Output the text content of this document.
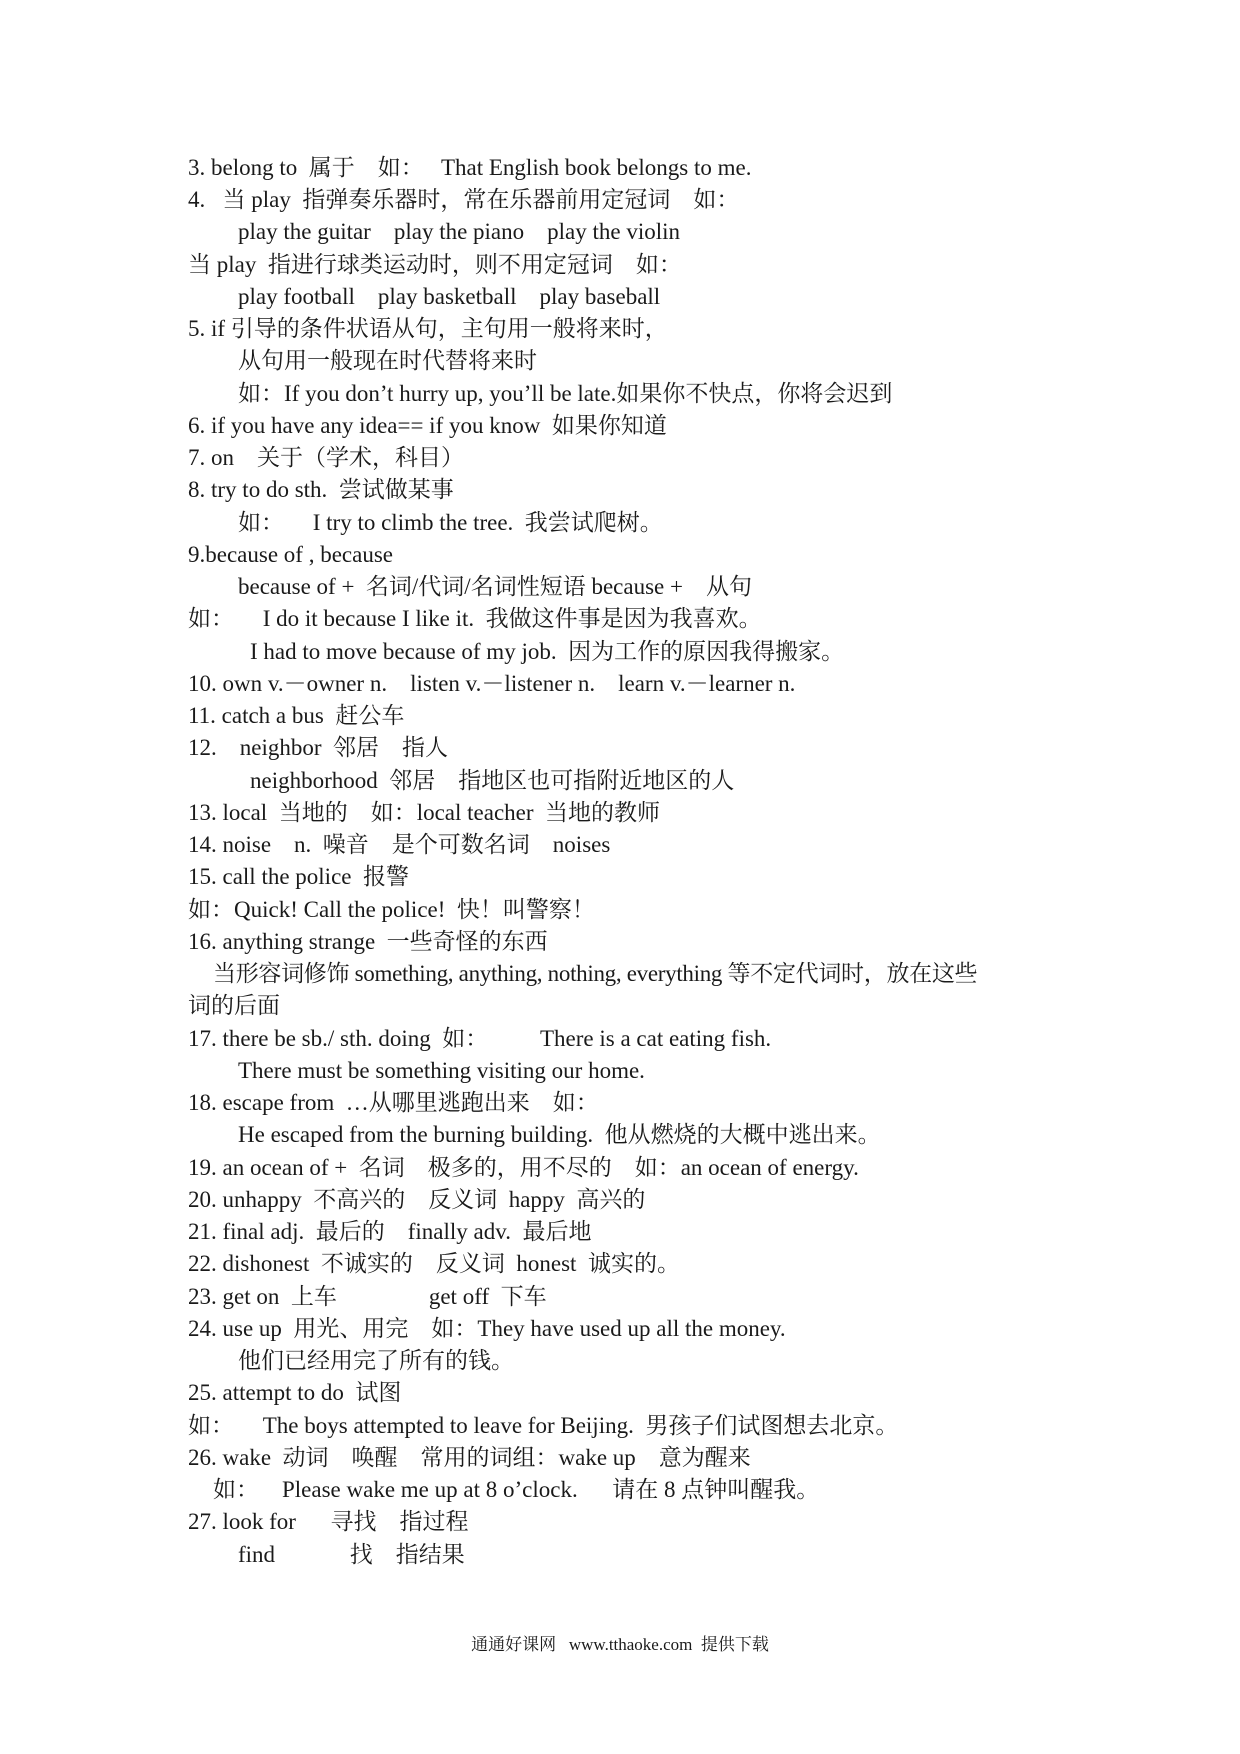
3. belong to  属于    如：   That English book belongs to me.
4.   当 play  指弹奏乐器时，常在乐器前用定冠词    如：
play the guitar    play the piano    play the violin
当 play  指进行球类运动时，则不用定冠词    如：
play football    play basketball    play baseball
5. if 引导的条件状语从句，主句用一般将来时，
从句用一般现在时代替将来时
如：If you don’t hurry up, you’ll be late.如果你不快点，你将会迟到
6. if you have any idea== if you know  如果你知道
7. on    关于（学术，科目）
8. try to do sth.  尝试做某事
如：     I try to climb the tree.  我尝试爬树。
9.because of , because
because of +  名词/代词/名词性短语 because +    从句
如：     I do it because I like it.  我做这件事是因为我喜欢。
I had to move because of my job.  因为工作的原因我得搬家。
10. own v.－owner n.    listen v.－listener n.    learn v.－learner n.
11. catch a bus  赶公车
12.    neighbor  邻居    指人
neighborhood  邻居    指地区也可指附近地区的人
13. local  当地的    如：local teacher  当地的教师
14. noise    n.  噪音    是个可数名词    noises
15. call the police  报警
如：Quick! Call the police!  快！叫警察！
16. anything strange  一些奇怪的东西
当形容词修饰 something, anything, nothing, everything 等不定代词时，放在这些
词的后面
17. there be sb./ sth. doing  如：         There is a cat eating fish.
There must be something visiting our home.
18. escape from  …从哪里逃跑出来    如：
He escaped from the burning building.  他从燃烧的大概中逃出来。
19. an ocean of +  名词    极多的，用不尽的    如：an ocean of energy.
20. unhappy  不高兴的    反义词  happy  高兴的
21. final adj.  最后的    finally adv.  最后地
22. dishonest  不诚实的    反义词  honest  诚实的。
23. get on  上车                get off  下车
24. use up  用光、用完    如：They have used up all the money.
他们已经用完了所有的钱。
25. attempt to do  试图
如：     The boys attempted to leave for Beijing.  男孩子们试图想去北京。
26. wake  动词    唤醒    常用的词组：wake up    意为醒来
如：    Please wake me up at 8 o’clock.      请在 8 点钟叫醒我。
27. look for      寻找    指过程
find             找    指结果
通通好课网   www.tthaoke.com  提供下载
